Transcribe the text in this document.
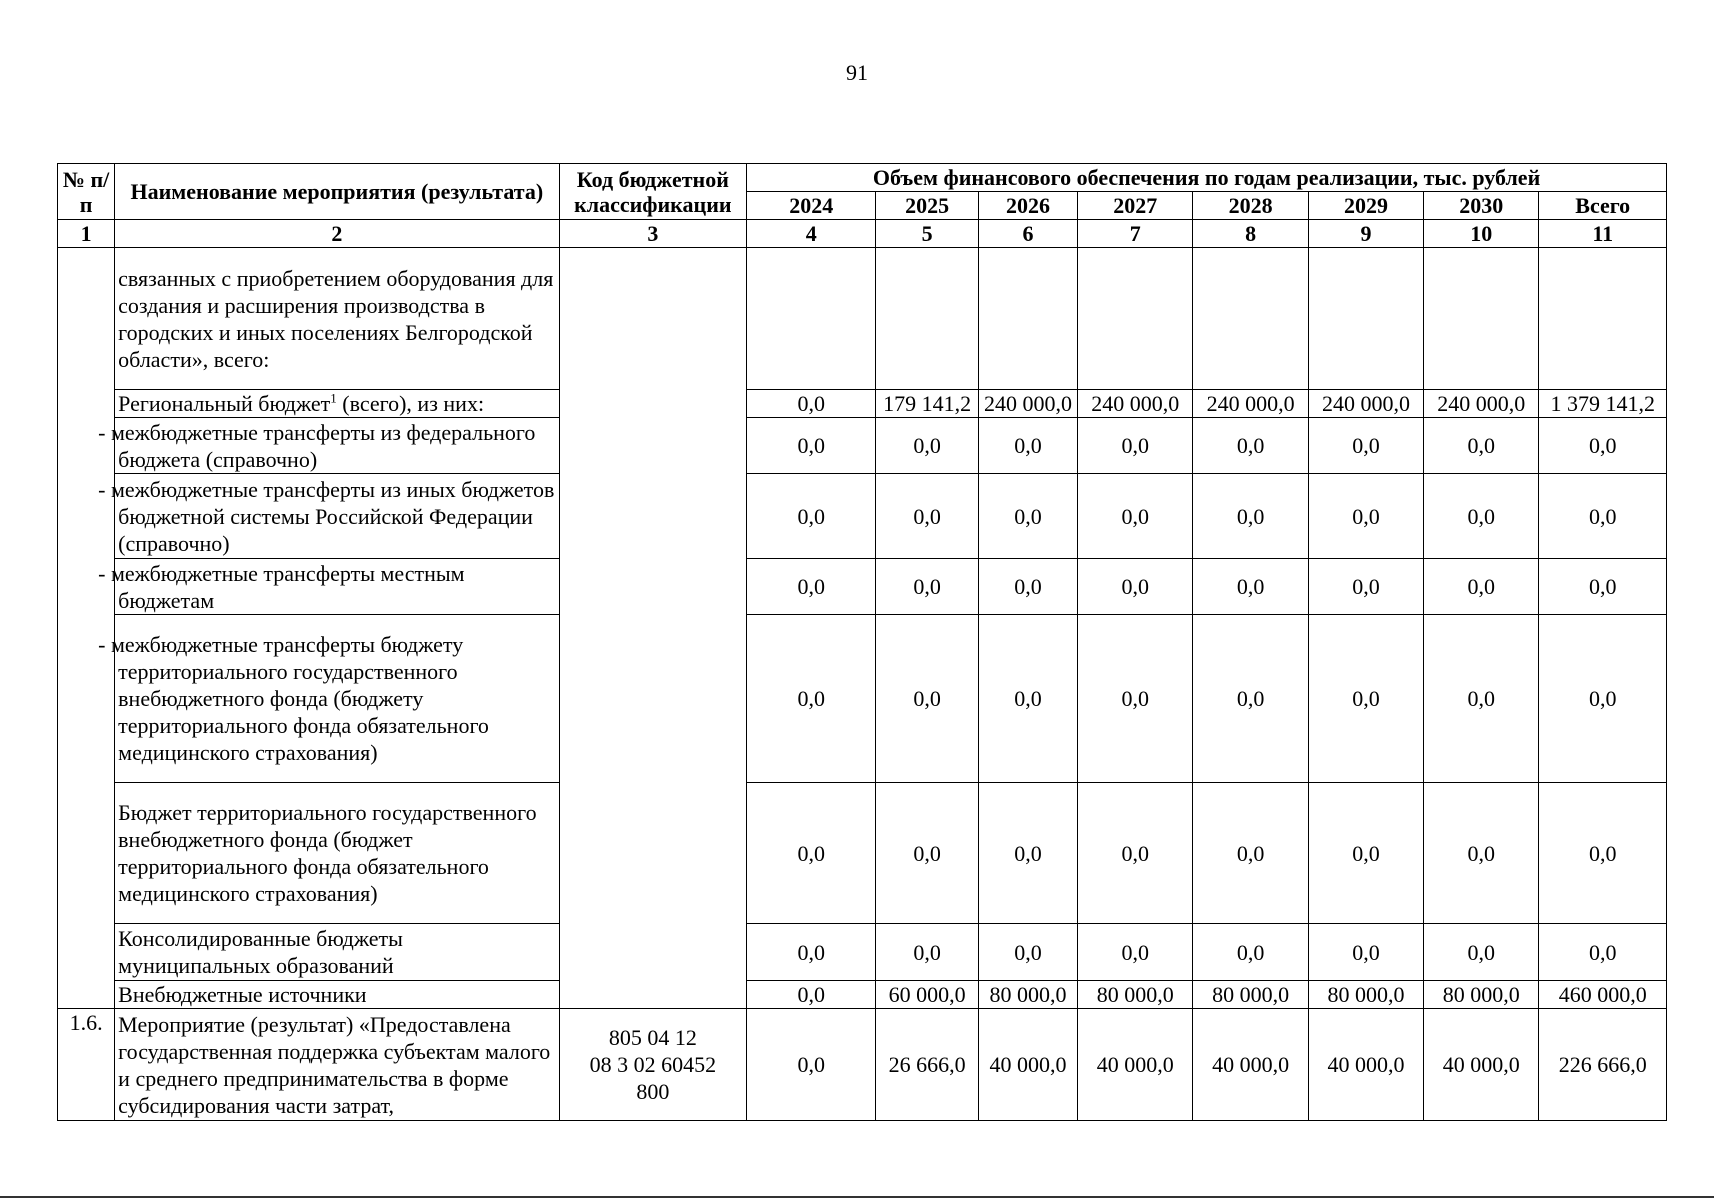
91
№ п/п	Наименование мероприятия (результата)	Код бюджетной классификации	Объем финансового обеспечения по годам реализации, тыс. рублей							
			2024	2025	2026	2027	2028	2029	2030	Всего
1	2	3	4	5	6	7	8	9	10	11
	связанных с приобретением оборудования для создания и расширения производства в городских и иных поселениях Белгородской области», всего:									
	Региональный бюджет$^1$ (всего), из них:		0,0	179 141,2	240 000,0	240 000,0	240 000,0	240 000,0	240 000,0	1 379 141,2
	- межбюджетные трансферты из федерального бюджета (справочно)		0,0	0,0	0,0	0,0	0,0	0,0	0,0	0,0
	- межбюджетные трансферты из иных бюджетов бюджетной системы Российской Федерации (справочно)		0,0	0,0	0,0	0,0	0,0	0,0	0,0	0,0
	- межбюджетные трансферты местным бюджетам		0,0	0,0	0,0	0,0	0,0	0,0	0,0	0,0
	- межбюджетные трансферты бюджету территориального государственного внебюджетного фонда (бюджету территориального фонда обязательного медицинского страхования)		0,0	0,0	0,0	0,0	0,0	0,0	0,0	0,0
	Бюджет территориального государственного внебюджетного фонда (бюджет территориального фонда обязательного медицинского страхования)		0,0	0,0	0,0	0,0	0,0	0,0	0,0	0,0
	Консолидированные бюджеты муниципальных образований		0,0	0,0	0,0	0,0	0,0	0,0	0,0	0,0
	Внебюджетные источники		0,0	60 000,0	80 000,0	80 000,0	80 000,0	80 000,0	80 000,0	460 000,0
1.6.	Мероприятие (результат) «Предоставлена государственная поддержка субъектам малого и среднего предпринимательства в форме субсидирования части затрат,	805 04 12
08 3 02 60452
800	0,0	26 666,0	40 000,0	40 000,0	40 000,0	40 000,0	40 000,0	226 666,0
